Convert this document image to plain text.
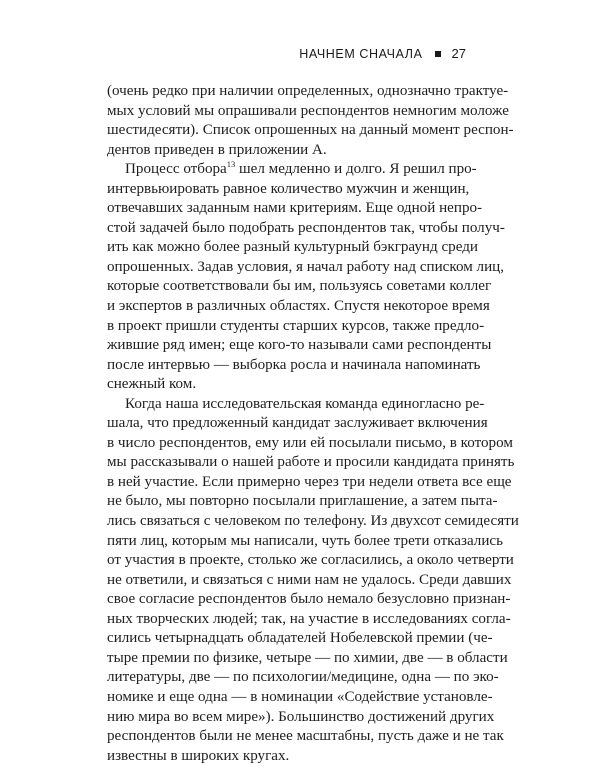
НАЧНЕМ СНАЧАЛА 27
(очень редко при наличии определенных, однозначно трактуе-
мых условий мы опрашивали респондентов немногим моложе
шестидесяти). Список опрошенных на данный момент респон-
дентов приведен в приложении А.
Процесс отбора$^{13}$ шел медленно и долго. Я решил про-
интервьюировать равное количество мужчин и женщин,
отвечавших заданным нами критериям. Еще одной непро-
стой задачей было подобрать респондентов так, чтобы получ-
ить как можно более разный культурный бэкграунд среди
опрошенных. Задав условия, я начал работу над списком лиц,
которые соответствовали бы им, пользуясь советами коллег
и экспертов в различных областях. Спустя некоторое время
в проект пришли студенты старших курсов, также предло-
жившие ряд имен; еще кого-то называли сами респонденты
после интервью — выборка росла и начинала напоминать
снежный ком.
Когда наша исследовательская команда единогласно ре-
шала, что предложенный кандидат заслуживает включения
в число респондентов, ему или ей посылали письмо, в котором
мы рассказывали о нашей работе и просили кандидата принять
в ней участие. Если примерно через три недели ответа все еще
не было, мы повторно посылали приглашение, а затем пыта-
лись связаться с человеком по телефону. Из двухсот семидесяти
пяти лиц, которым мы написали, чуть более трети отказались
от участия в проекте, столько же согласились, а около четверти
не ответили, и связаться с ними нам не удалось. Среди давших
свое согласие респондентов было немало безусловно признан-
ных творческих людей; так, на участие в исследованиях согла-
сились четырнадцать обладателей Нобелевской премии (че-
тыре премии по физике, четыре — по химии, две — в области
литературы, две — по психологии/медицине, одна — по эко-
номике и еще одна — в номинации «Содействие установле-
нию мира во всем мире»). Большинство достижений других
респондентов были не менее масштабны, пусть даже и не так
известны в широких кругах.
